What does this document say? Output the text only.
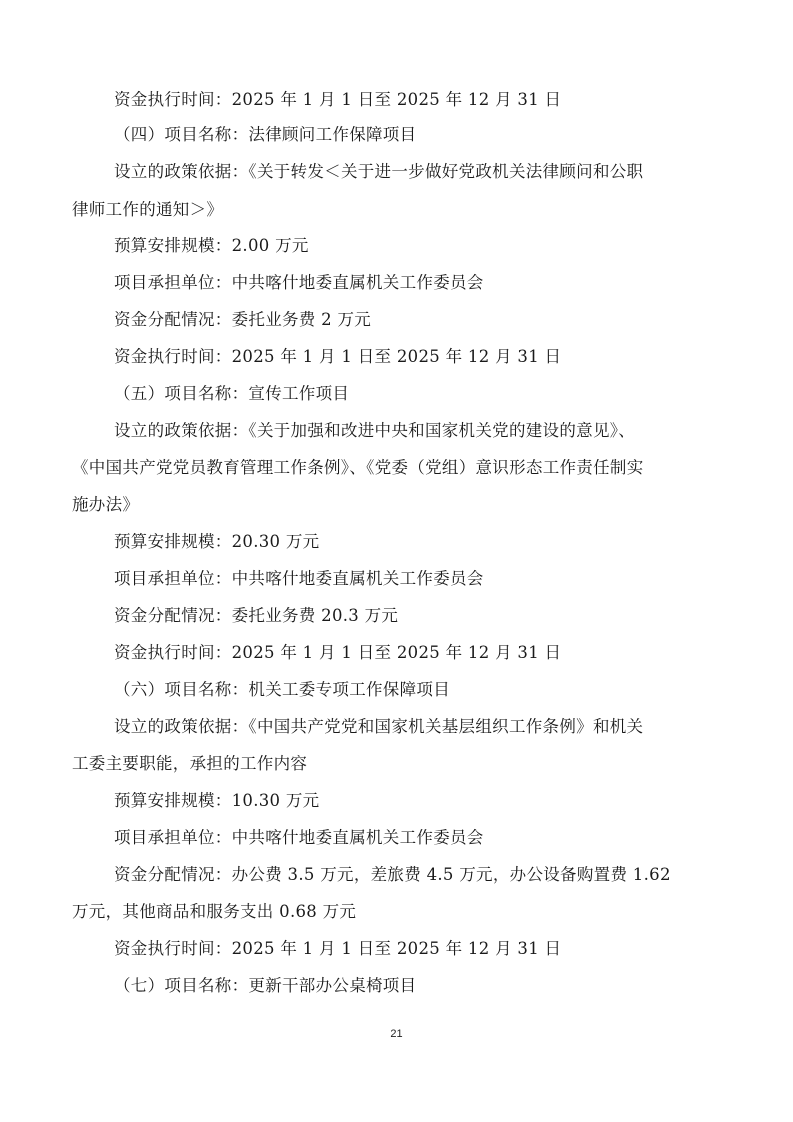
资金执行时间：2025 年 1 月 1 日至 2025 年 12 月 31 日
（四）项目名称：法律顾问工作保障项目
设立的政策依据：《关于转发＜关于进一步做好党政机关法律顾问和公职
律师工作的通知＞》
预算安排规模：2.00 万元
项目承担单位：中共喀什地委直属机关工作委员会
资金分配情况：委托业务费 2 万元
资金执行时间：2025 年 1 月 1 日至 2025 年 12 月 31 日
（五）项目名称：宣传工作项目
设立的政策依据：《关于加强和改进中央和国家机关党的建设的意见》、
《中国共产党党员教育管理工作条例》、《党委（党组）意识形态工作责任制实
施办法》
预算安排规模：20.30 万元
项目承担单位：中共喀什地委直属机关工作委员会
资金分配情况：委托业务费 20.3 万元
资金执行时间：2025 年 1 月 1 日至 2025 年 12 月 31 日
（六）项目名称：机关工委专项工作保障项目
设立的政策依据：《中国共产党党和国家机关基层组织工作条例》和机关
工委主要职能，承担的工作内容
预算安排规模：10.30 万元
项目承担单位：中共喀什地委直属机关工作委员会
资金分配情况：办公费 3.5 万元，差旅费 4.5 万元，办公设备购置费 1.62
万元，其他商品和服务支出 0.68 万元
资金执行时间：2025 年 1 月 1 日至 2025 年 12 月 31 日
（七）项目名称：更新干部办公桌椅项目
21
